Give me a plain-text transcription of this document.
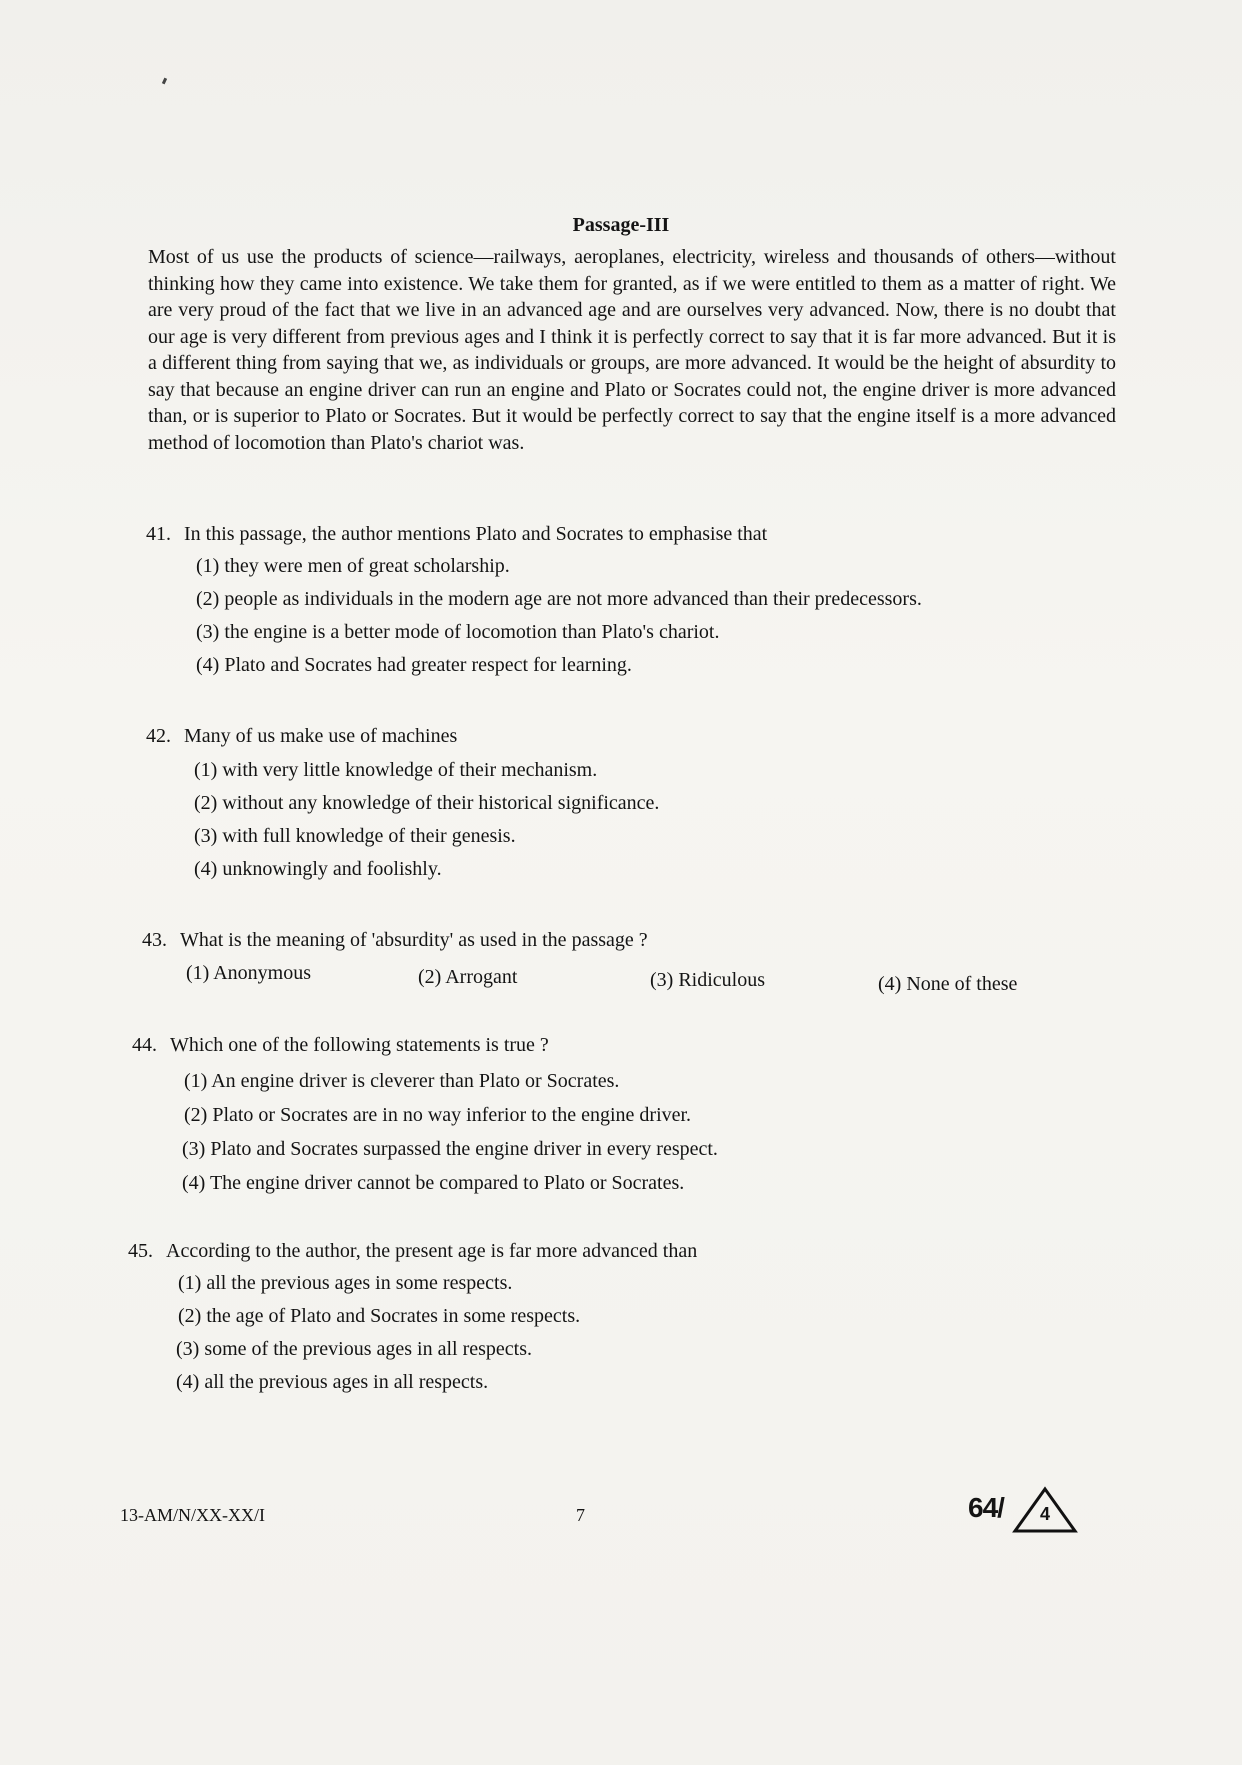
Passage-III
Most of us use the products of science—railways, aeroplanes, electricity, wireless and thousands of others—without thinking how they came into existence. We take them for granted, as if we were entitled to them as a matter of right. We are very proud of the fact that we live in an advanced age and are ourselves very advanced. Now, there is no doubt that our age is very different from previous ages and I think it is perfectly correct to say that it is far more advanced. But it is a different thing from saying that we, as individuals or groups, are more advanced. It would be the height of absurdity to say that because an engine driver can run an engine and Plato or Socrates could not, the engine driver is more advanced than, or is superior to Plato or Socrates. But it would be perfectly correct to say that the engine itself is a more advanced method of locomotion than Plato's chariot was.
41. In this passage, the author mentions Plato and Socrates to emphasise that
(1) they were men of great scholarship.
(2) people as individuals in the modern age are not more advanced than their predecessors.
(3) the engine is a better mode of locomotion than Plato's chariot.
(4) Plato and Socrates had greater respect for learning.
42. Many of us make use of machines
(1) with very little knowledge of their mechanism.
(2) without any knowledge of their historical significance.
(3) with full knowledge of their genesis.
(4) unknowingly and foolishly.
43. What is the meaning of 'absurdity' as used in the passage ?
(1) Anonymous	(2) Arrogant	(3) Ridiculous	(4) None of these
44. Which one of the following statements is true ?
(1) An engine driver is cleverer than Plato or Socrates.
(2) Plato or Socrates are in no way inferior to the engine driver.
(3) Plato and Socrates surpassed the engine driver in every respect.
(4) The engine driver cannot be compared to Plato or Socrates.
45. According to the author, the present age is far more advanced than
(1) all the previous ages in some respects.
(2) the age of Plato and Socrates in some respects.
(3) some of the previous ages in all respects.
(4) all the previous ages in all respects.
13-AM/N/XX-XX/I	7	64/ 4
